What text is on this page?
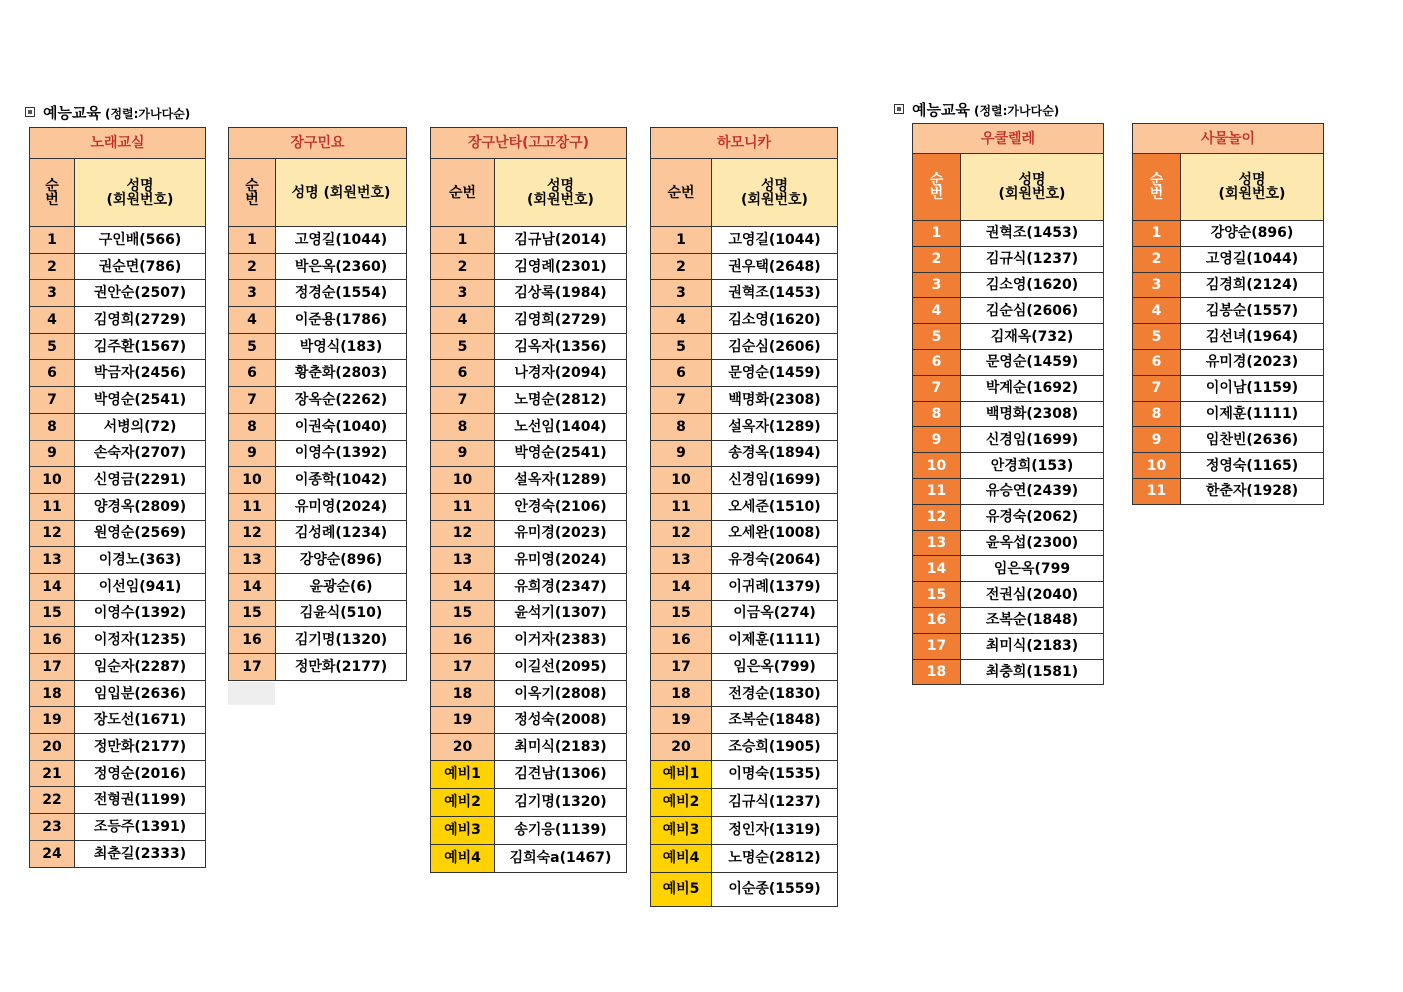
예능교육 (정렬:가나다순)	예능교육 (정렬:가나다순)
노래교실	
순
번	성명
(회원번호)
1	구인배(566)
2	권순면(786)
3	권안순(2507)
4	김영희(2729)
5	김주환(1567)
6	박금자(2456)
7	박영순(2541)
8	서병의(72)
9	손숙자(2707)
10	신영금(2291)
11	양경옥(2809)
12	원영순(2569)
13	이경노(363)
14	이선임(941)
15	이영수(1392)
16	이정자(1235)
17	임순자(2287)
18	임입분(2636)
19	장도선(1671)
20	정만화(2177)
21	정영순(2016)
22	전형권(1199)
23	조등주(1391)
24	최춘길(2333)
장구민요	
순
번	성명 (회원번호)
1	고영길(1044)
2	박은옥(2360)
3	정경순(1554)
4	이준용(1786)
5	박영식(183)
6	황춘화(2803)
7	장옥순(2262)
8	이권숙(1040)
9	이영수(1392)
10	이종학(1042)
11	유미영(2024)
12	김성례(1234)
13	강양순(896)
14	윤광순(6)
15	김윤식(510)
16	김기명(1320)
17	정만화(2177)
장구난타(고고장구)	
순번	성명
(회원번호)
1	김규남(2014)
2	김영례(2301)
3	김상록(1984)
4	김영희(2729)
5	김옥자(1356)
6	나경자(2094)
7	노명순(2812)
8	노선임(1404)
9	박영순(2541)
10	설옥자(1289)
11	안경숙(2106)
12	유미경(2023)
13	유미영(2024)
14	유희경(2347)
15	윤석기(1307)
16	이거자(2383)
17	이길선(2095)
18	이옥기(2808)
19	정성숙(2008)
20	최미식(2183)
예비1	김견남(1306)
예비2	김기명(1320)
예비3	송기응(1139)
예비4	김희숙a(1467)
하모니카	
순번	성명
(회원번호)
1	고영길(1044)
2	권우택(2648)
3	권혁조(1453)
4	김소영(1620)
5	김순심(2606)
6	문영순(1459)
7	백명화(2308)
8	설옥자(1289)
9	송경옥(1894)
10	신경임(1699)
11	오세준(1510)
12	오세완(1008)
13	유경숙(2064)
14	이귀례(1379)
15	이금옥(274)
16	이제훈(1111)
17	임은옥(799)
18	전경순(1830)
19	조복순(1848)
20	조승희(1905)
예비1	이명숙(1535)
예비2	김규식(1237)
예비3	정인자(1319)
예비4	노명순(2812)
예비5	이순종(1559)
우쿨렐레	
순
번	성명
(회원번호)
1	권혁조(1453)
2	김규식(1237)
3	김소영(1620)
4	김순심(2606)
5	김재옥(732)
6	문영순(1459)
7	박계순(1692)
8	백명화(2308)
9	신경임(1699)
10	안경희(153)
11	유승연(2439)
12	유경숙(2062)
13	윤옥섭(2300)
14	임은옥(799
15	전권심(2040)
16	조복순(1848)
17	최미식(2183)
18	최충희(1581)
사물놀이	
순
번	성명
(회원번호)
1	강양순(896)
2	고영길(1044)
3	김경희(2124)
4	김봉순(1557)
5	김선녀(1964)
6	유미경(2023)
7	이이남(1159)
8	이제훈(1111)
9	임찬빈(2636)
10	정영숙(1165)
11	한춘자(1928)
